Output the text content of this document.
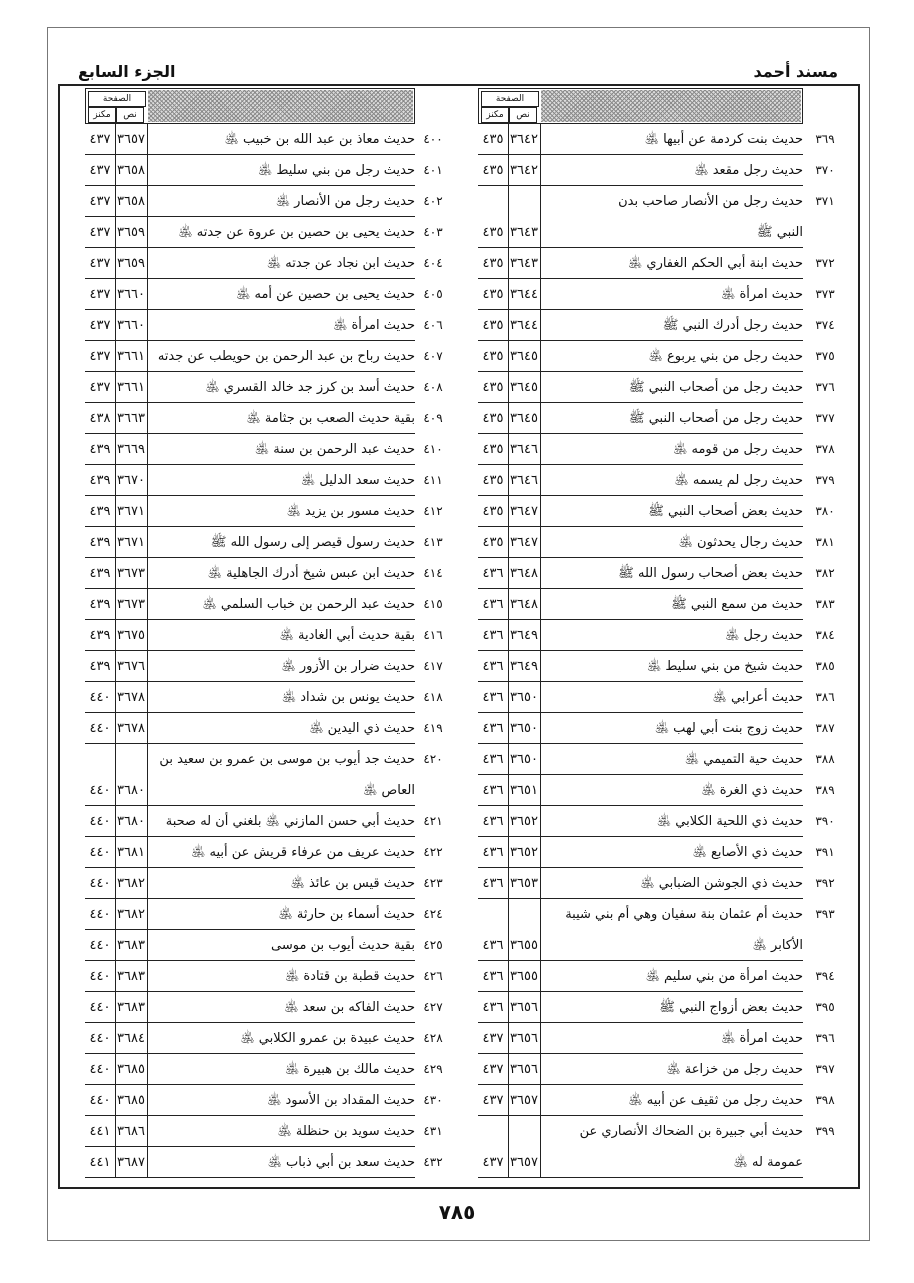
مسند أحمد
الجزء السابع
الصفحة
مكنز	نص
٤٣٥ ٣٦٤٢	حديث بنت كردمة عن أبيها ﵁	٣٦٩
٤٣٥ ٣٦٤٢	حديث رجل مقعد ﵁	٣٧٠
حديث رجل من الأنصار صاحب بدن	٣٧١
٤٣٥ ٣٦٤٣	النبي ﷺ
٤٣٥ ٣٦٤٣	حديث ابنة أبي الحكم الغفاري ﵁	٣٧٢
٤٣٥ ٣٦٤٤	حديث امرأة ﵁	٣٧٣
٤٣٥ ٣٦٤٤	حديث رجل أدرك النبي ﷺ	٣٧٤
٤٣٥ ٣٦٤٥	حديث رجل من بني يربوع ﵁	٣٧٥
٤٣٥ ٣٦٤٥	حديث رجل من أصحاب النبي ﷺ	٣٧٦
٤٣٥ ٣٦٤٥	حديث رجل من أصحاب النبي ﷺ	٣٧٧
٤٣٥ ٣٦٤٦	حديث رجل من قومه ﵁	٣٧٨
٤٣٥ ٣٦٤٦	حديث رجل لم يسمه ﵁	٣٧٩
٤٣٥ ٣٦٤٧	حديث بعض أصحاب النبي ﷺ	٣٨٠
٤٣٥ ٣٦٤٧	حديث رجال يحدثون ﵁	٣٨١
٤٣٦ ٣٦٤٨	حديث بعض أصحاب رسول الله ﷺ	٣٨٢
٤٣٦ ٣٦٤٨	حديث من سمع النبي ﷺ	٣٨٣
٤٣٦ ٣٦٤٩	حديث رجل ﵁	٣٨٤
٤٣٦ ٣٦٤٩	حديث شيخ من بني سليط ﵁	٣٨٥
٤٣٦ ٣٦٥٠	حديث أعرابي ﵁	٣٨٦
٤٣٦ ٣٦٥٠	حديث زوج بنت أبي لهب ﵁	٣٨٧
٤٣٦ ٣٦٥٠	حديث حية التميمي ﵁	٣٨٨
٤٣٦ ٣٦٥١	حديث ذي الغرة ﵁	٣٨٩
٤٣٦ ٣٦٥٢	حديث ذي اللحية الكلابي ﵁	٣٩٠
٤٣٦ ٣٦٥٢	حديث ذي الأصابع ﵁	٣٩١
٤٣٦ ٣٦٥٣	حديث ذي الجوشن الضبابي ﵁	٣٩٢
حديث أم عثمان بنة سفيان وهي أم بني شيبة	٣٩٣
٤٣٦ ٣٦٥٥	الأكابر ﵁
٤٣٦ ٣٦٥٥	حديث امرأة من بني سليم ﵁	٣٩٤
٤٣٦ ٣٦٥٦	حديث بعض أزواج النبي ﷺ	٣٩٥
٤٣٧ ٣٦٥٦	حديث امرأة ﵁	٣٩٦
٤٣٧ ٣٦٥٦	حديث رجل من خزاعة ﵁	٣٩٧
٤٣٧ ٣٦٥٧	حديث رجل من ثقيف عن أبيه ﵁	٣٩٨
حديث أبي جبيرة بن الضحاك الأنصاري عن	٣٩٩
٤٣٧ ٣٦٥٧	عمومة له ﵁
الصفحة
مكنز	نص
٤٣٧ ٣٦٥٧	حديث معاذ بن عبد الله بن خبيب ﵁ ٤٠٠
٤٣٧ ٣٦٥٨	حديث رجل من بني سليط ﵁ ٤٠١
٤٣٧ ٣٦٥٨	حديث رجل من الأنصار ﵁ ٤٠٢
٤٣٧ ٣٦٥٩	حديث يحيى بن حصين بن عروة عن جدته ﵁ ٤٠٣
٤٣٧ ٣٦٥٩	حديث ابن نجاد عن جدته ﵁ ٤٠٤
٤٣٧ ٣٦٦٠	حديث يحيى بن حصين عن أمه ﵁ ٤٠٥
٤٣٧ ٣٦٦٠	حديث امرأة ﵁ ٤٠٦
٤٣٧ ٣٦٦١ حديث رباح بن عبد الرحمن بن حويطب عن جدته ٤٠٧
٤٣٧ ٣٦٦١	حديث أسد بن كرز جد خالد القسري ﵁ ٤٠٨
٤٣٨ ٣٦٦٣	بقية حديث الصعب بن جثامة ﵁ ٤٠٩
٤٣٩ ٣٦٦٩	حديث عبد الرحمن بن سنة ﵁ ٤١٠
٤٣٩ ٣٦٧٠	حديث سعد الدليل ﵁ ٤١١
٤٣٩ ٣٦٧١	حديث مسور بن يزيد ﵁ ٤١٢
٤٣٩ ٣٦٧١	حديث رسول قيصر إلى رسول الله ﷺ ٤١٣
٤٣٩ ٣٦٧٣	حديث ابن عبس شيخ أدرك الجاهلية ﵁ ٤١٤
٤٣٩ ٣٦٧٣	حديث عبد الرحمن بن خباب السلمي ﵁ ٤١٥
٤٣٩ ٣٦٧٥	بقية حديث أبي الغادية ﵁ ٤١٦
٤٣٩ ٣٦٧٦	حديث ضرار بن الأزور ﵁ ٤١٧
٤٤٠ ٣٦٧٨	حديث يونس بن شداد ﵁ ٤١٨
٤٤٠ ٣٦٧٨	حديث ذي اليدين ﵁ ٤١٩
حديث جد أيوب بن موسى بن عمرو بن سعيد بن ٤٢٠
٤٤٠ ٣٦٨٠	العاص ﵁
٤٤٠ ٣٦٨٠	حديث أبي حسن المازني ﵁ بلغني أن له صحبة ٤٢١
٤٤٠ ٣٦٨١	حديث عريف من عرفاء قريش عن أبيه ﵁ ٤٢٢
٤٤٠ ٣٦٨٢	حديث قيس بن عائذ ﵁ ٤٢٣
٤٤٠ ٣٦٨٢	حديث أسماء بن حارثة ﵁ ٤٢٤
٤٤٠ ٣٦٨٣	بقية حديث أيوب بن موسى ٤٢٥
٤٤٠ ٣٦٨٣	حديث قطبة بن قتادة ﵁ ٤٢٦
٤٤٠ ٣٦٨٣	حديث الفاكه بن سعد ﵁ ٤٢٧
٤٤٠ ٣٦٨٤	حديث عبيدة بن عمرو الكلابي ﵁ ٤٢٨
٤٤٠ ٣٦٨٥	حديث مالك بن هبيرة ﵁ ٤٢٩
٤٤٠ ٣٦٨٥	حديث المقداد بن الأسود ﵁ ٤٣٠
٤٤١ ٣٦٨٦	حديث سويد بن حنظلة ﵁ ٤٣١
٤٤١ ٣٦٨٧	حديث سعد بن أبي ذباب ﵁ ٤٣٢
٧٨٥
